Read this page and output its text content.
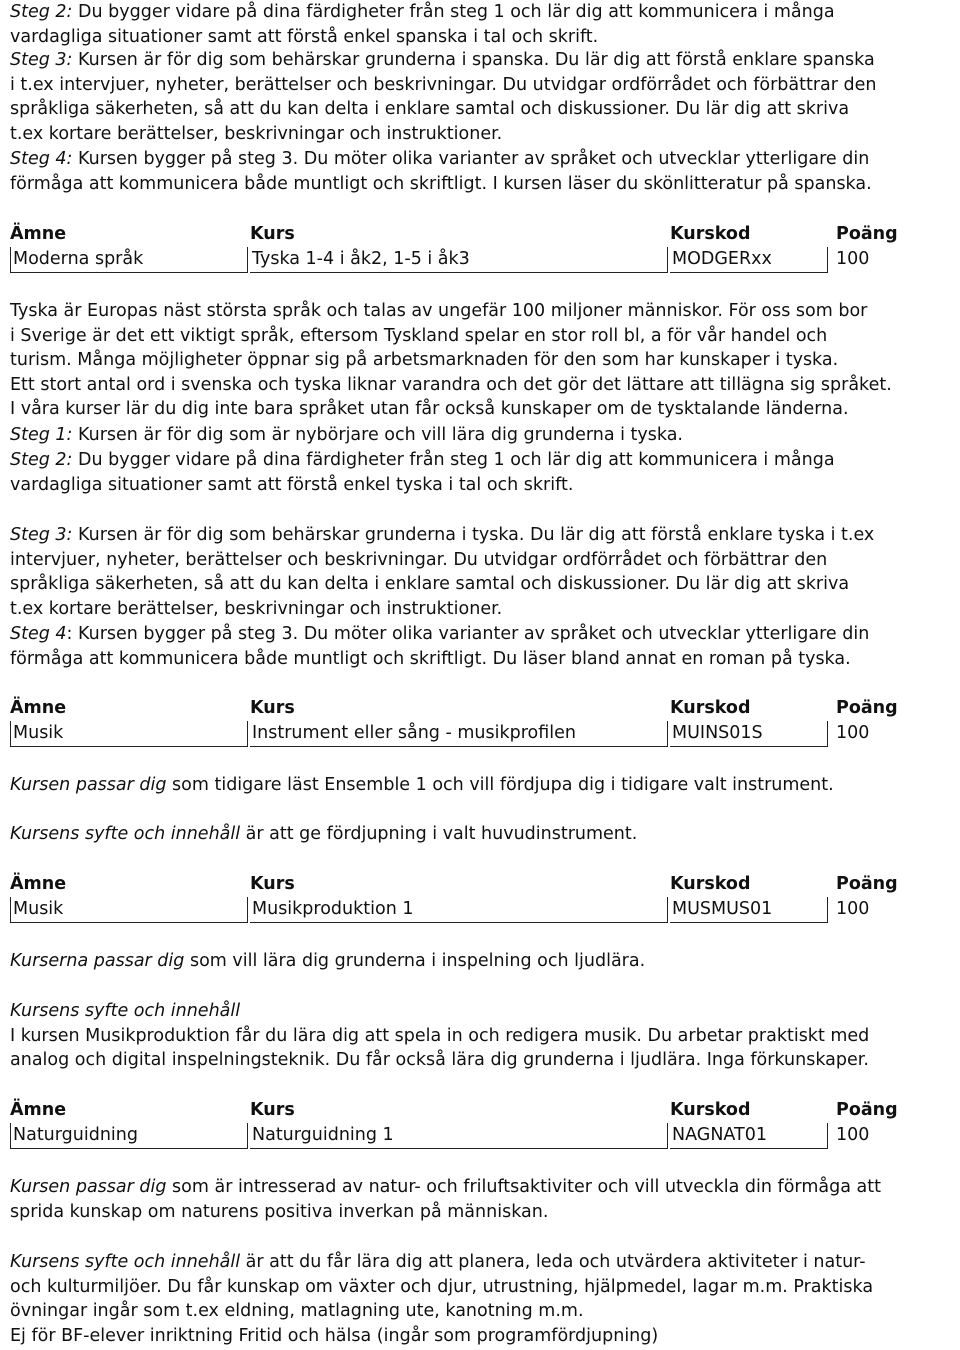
Steg 2: Du bygger vidare på dina färdigheter från steg 1 och lär dig att kommunicera i många
vardagliga situationer samt att förstå enkel spanska i tal och skrift.
Steg 3: Kursen är för dig som behärskar grunderna i spanska. Du lär dig att förstå enklare spanska
i t.ex intervjuer, nyheter, berättelser och beskrivningar. Du utvidgar ordförrådet och förbättrar den
språkliga säkerheten, så att du kan delta i enklare samtal och diskussioner. Du lär dig att skriva
t.ex kortare berättelser, beskrivningar och instruktioner.
Steg 4: Kursen bygger på steg 3. Du möter olika varianter av språket och utvecklar ytterligare din
förmåga att kommunicera både muntligt och skriftligt. I kursen läser du skönlitteratur på spanska.
Ämne	Kurs	Kurskod	Poäng
Moderna språk	Tyska 1-4 i åk2, 1-5 i åk3	MODGERxx	100
Tyska är Europas näst största språk och talas av ungefär 100 miljoner människor. För oss som bor
i Sverige är det ett viktigt språk, eftersom Tyskland spelar en stor roll bl, a för vår handel och
turism. Många möjligheter öppnar sig på arbetsmarknaden för den som har kunskaper i tyska.
Ett stort antal ord i svenska och tyska liknar varandra och det gör det lättare att tillägna sig språket.
I våra kurser lär du dig inte bara språket utan får också kunskaper om de tysktalande länderna.
Steg 1: Kursen är för dig som är nybörjare och vill lära dig grunderna i tyska.
Steg 2: Du bygger vidare på dina färdigheter från steg 1 och lär dig att kommunicera i många
vardagliga situationer samt att förstå enkel tyska i tal och skrift.
Steg 3: Kursen är för dig som behärskar grunderna i tyska. Du lär dig att förstå enklare tyska i t.ex
intervjuer, nyheter, berättelser och beskrivningar. Du utvidgar ordförrådet och förbättrar den
språkliga säkerheten, så att du kan delta i enklare samtal och diskussioner. Du lär dig att skriva
t.ex kortare berättelser, beskrivningar och instruktioner.
Steg 4: Kursen bygger på steg 3. Du möter olika varianter av språket och utvecklar ytterligare din
förmåga att kommunicera både muntligt och skriftligt. Du läser bland annat en roman på tyska.
Ämne	Kurs	Kurskod	Poäng
Musik	Instrument eller sång - musikprofilen	MUINS01S	100
Kursen passar dig som tidigare läst Ensemble 1 och vill fördjupa dig i tidigare valt instrument.
Kursens syfte och innehåll är att ge fördjupning i valt huvudinstrument.
Ämne	Kurs	Kurskod	Poäng
Musik	Musikproduktion 1	MUSMUS01	100
Kurserna passar dig som vill lära dig grunderna i inspelning och ljudlära.
Kursens syfte och innehåll
I kursen Musikproduktion får du lära dig att spela in och redigera musik. Du arbetar praktiskt med
analog och digital inspelningsteknik. Du får också lära dig grunderna i ljudlära. Inga förkunskaper.
Ämne	Kurs	Kurskod	Poäng
Naturguidning	Naturguidning 1	NAGNAT01	100
Kursen passar dig som är intresserad av natur- och friluftsaktiviter och vill utveckla din förmåga att
sprida kunskap om naturens positiva inverkan på människan.
Kursens syfte och innehåll är att du får lära dig att planera, leda och utvärdera aktiviteter i natur-
och kulturmiljöer. Du får kunskap om växter och djur, utrustning, hjälpmedel, lagar m.m. Praktiska
övningar ingår som t.ex eldning, matlagning ute, kanotning m.m.
Ej för BF-elever inriktning Fritid och hälsa (ingår som programfördjupning)
